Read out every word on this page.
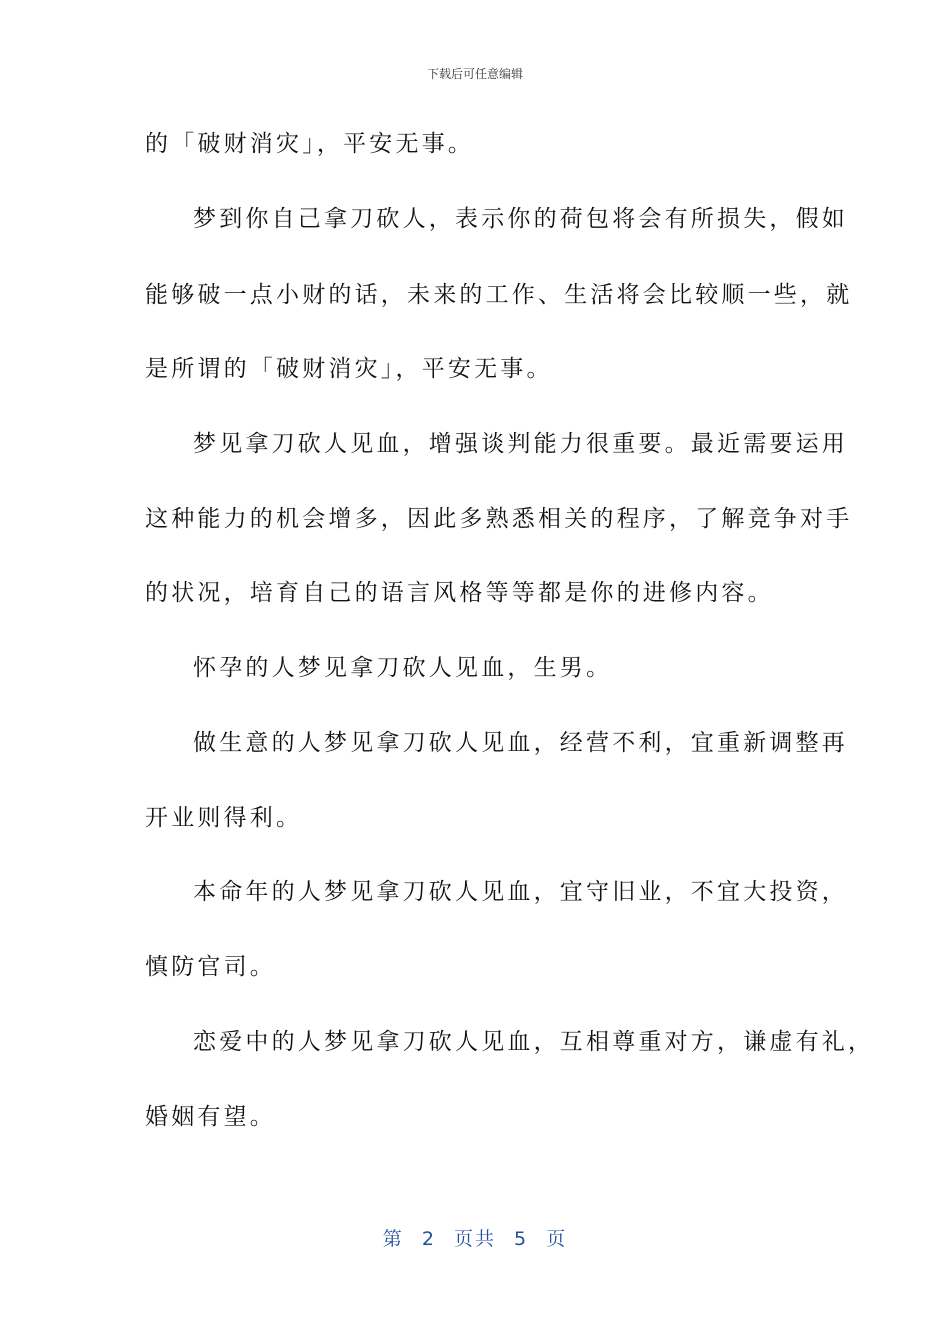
下载后可任意编辑
的「破财消灾」，平安无事。
梦到你自己拿刀砍人，表示你的荷包将会有所损失，假如
能够破一点小财的话，未来的工作、生活将会比较顺一些，就
是所谓的「破财消灾」，平安无事。
梦见拿刀砍人见血，增强谈判能力很重要。最近需要运用
这种能力的机会增多，因此多熟悉相关的程序，了解竞争对手
的状况，培育自己的语言风格等等都是你的进修内容。
怀孕的人梦见拿刀砍人见血，生男。
做生意的人梦见拿刀砍人见血，经营不利，宜重新调整再
开业则得利。
本命年的人梦见拿刀砍人见血，宜守旧业，不宜大投资，
慎防官司。
恋爱中的人梦见拿刀砍人见血，互相尊重对方，谦虚有礼，
婚姻有望。
第 2 页共 5 页
